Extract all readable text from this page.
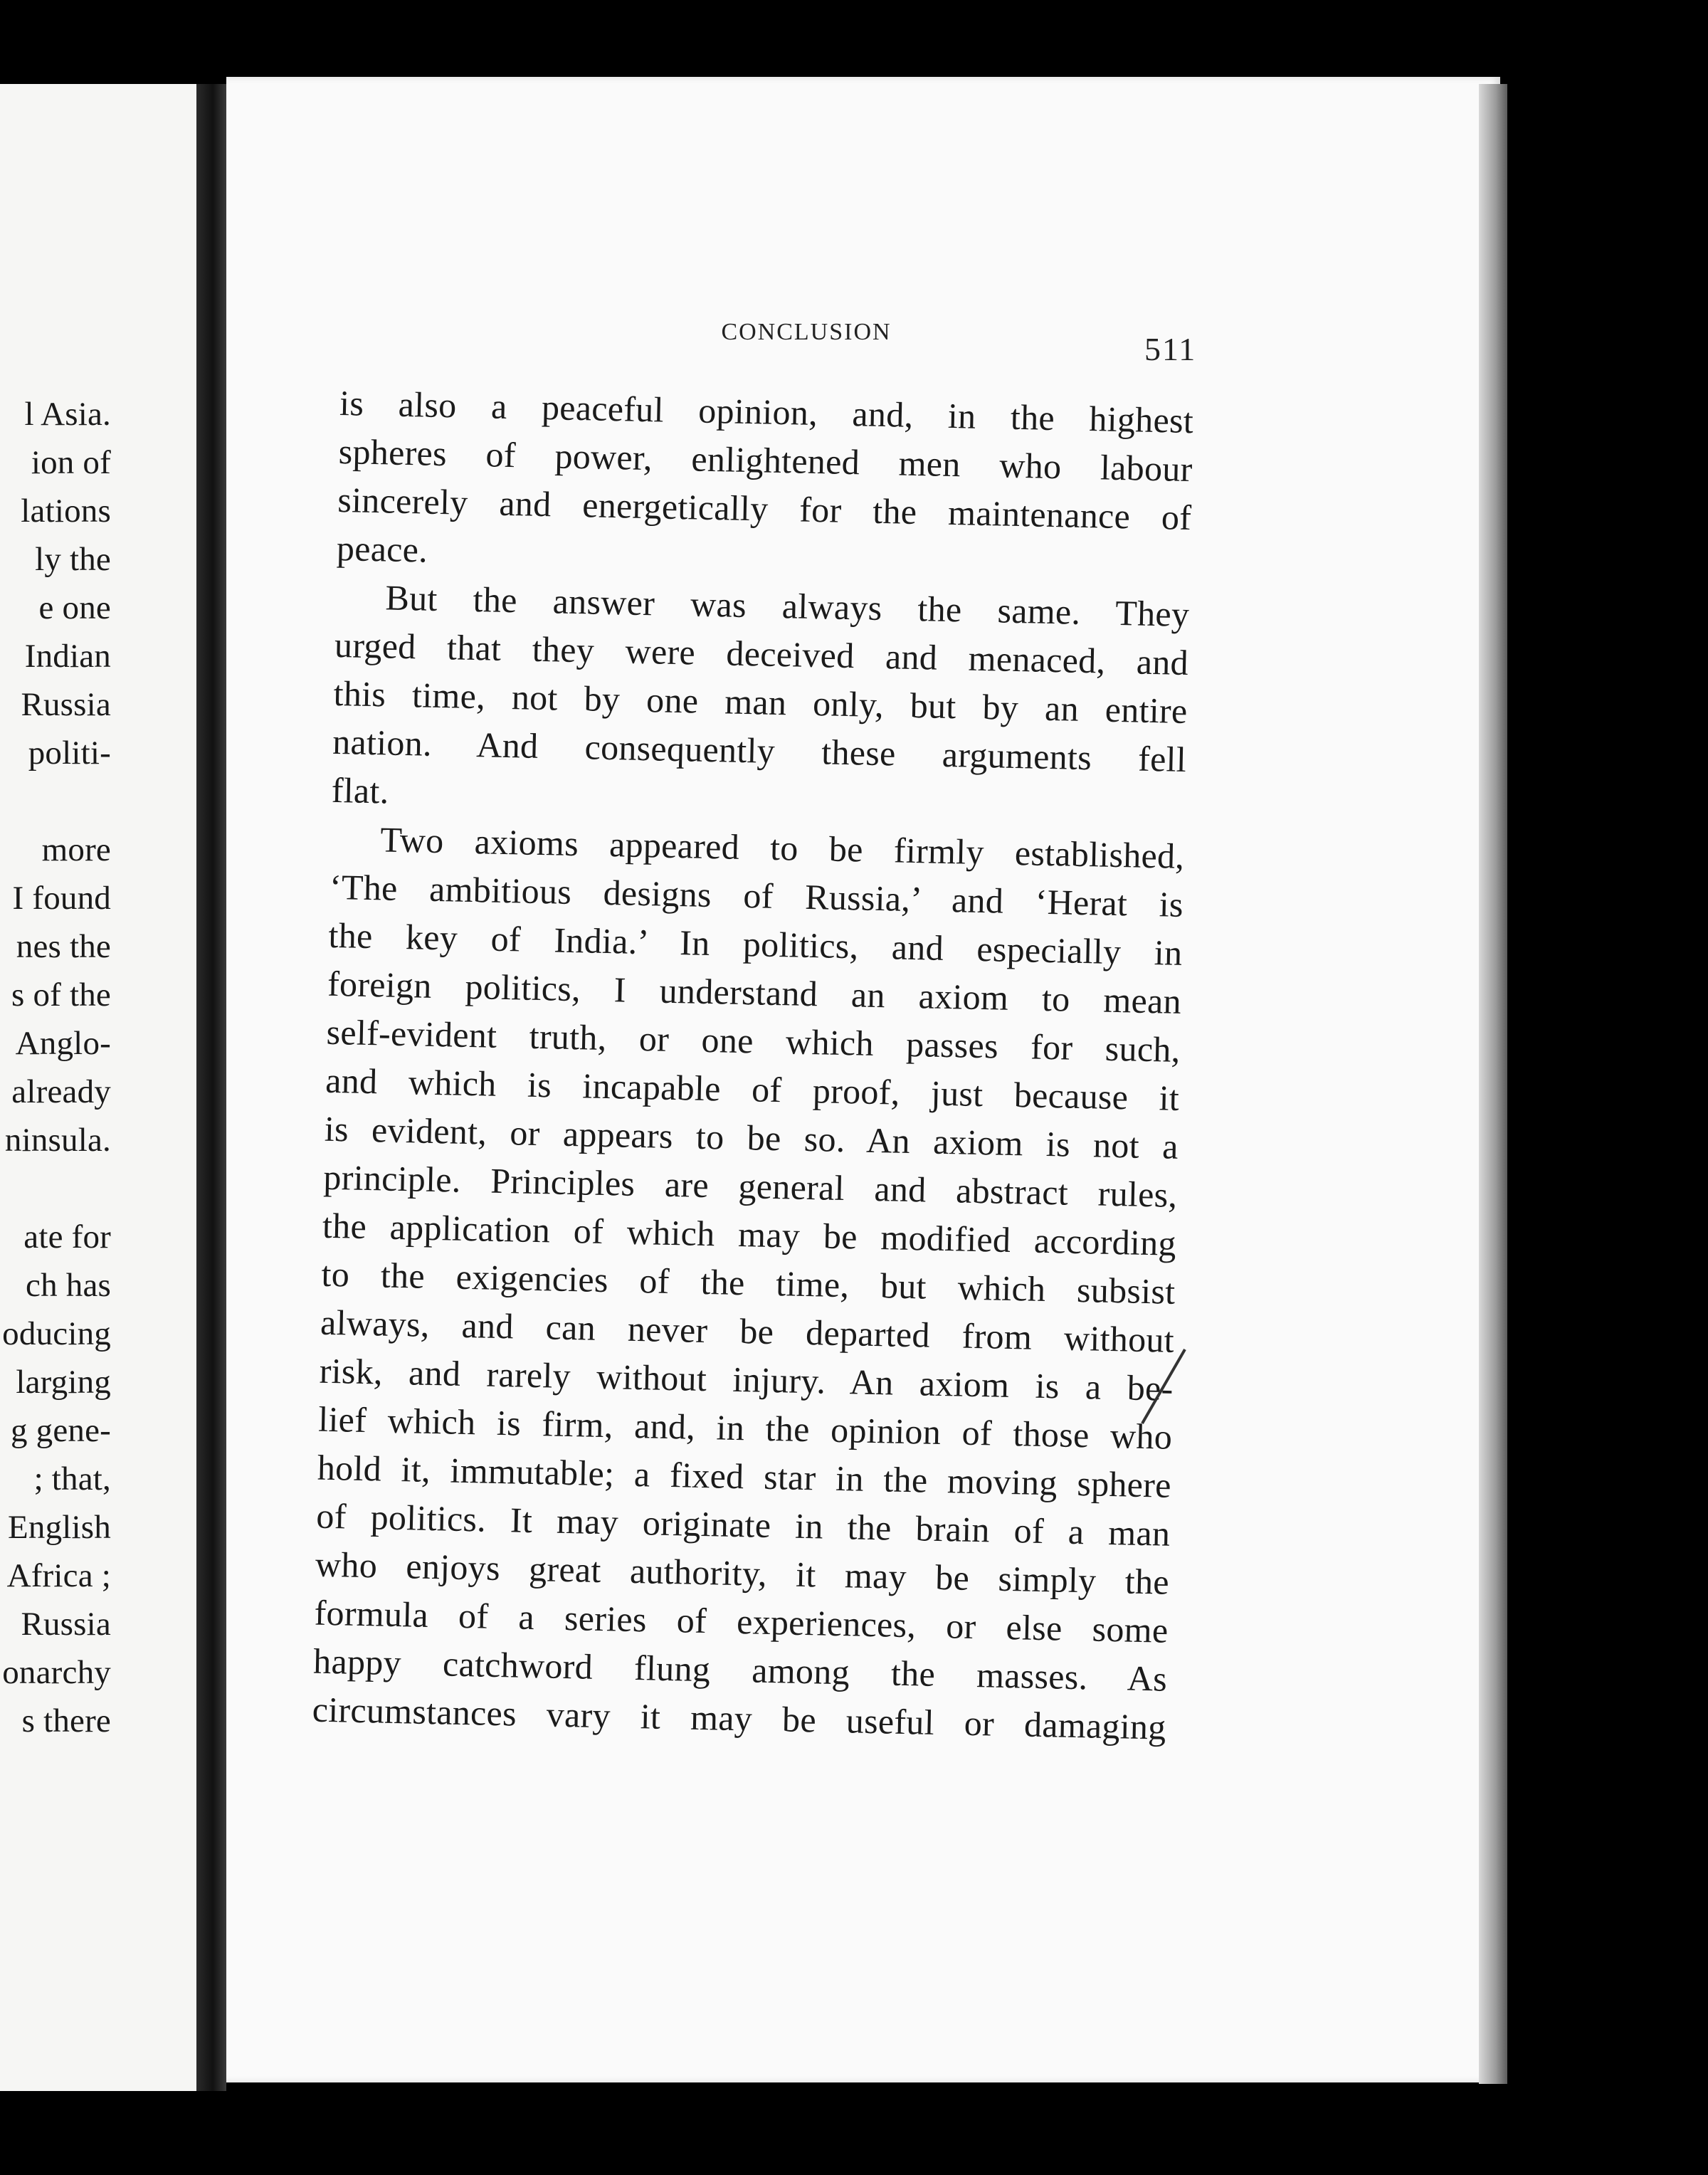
l Asia.
ion of
lations
ly the
e one
Indian
Russia
politi-
more
I found
nes the
s of the
Anglo-
already
ninsula.
ate for
ch has
oducing
larging
g gene-
; that,
English
Africa ;
Russia
onarchy
s there
CONCLUSION	511
is also a peaceful opinion, and, in the highest
spheres of power, enlightened men who labour
sincerely and energetically for the maintenance of
peace.
But the answer was always the same. They
urged that they were deceived and menaced, and
this time, not by one man only, but by an entire
nation. And consequently these arguments fell
flat.
Two axioms appeared to be firmly established,
‘The ambitious designs of Russia,’ and ‘Herat is
the key of India.’ In politics, and especially in
foreign politics, I understand an axiom to mean
self-evident truth, or one which passes for such,
and which is incapable of proof, just because it
is evident, or appears to be so. An axiom is not a
principle. Principles are general and abstract rules,
the application of which may be modified according
to the exigencies of the time, but which subsist
always, and can never be departed from without
risk, and rarely without injury. An axiom is a be-
lief which is firm, and, in the opinion of those who
hold it, immutable; a fixed star in the moving sphere
of politics. It may originate in the brain of a man
who enjoys great authority, it may be simply the
formula of a series of experiences, or else some
happy catchword flung among the masses. As
circumstances vary it may be useful or damaging
